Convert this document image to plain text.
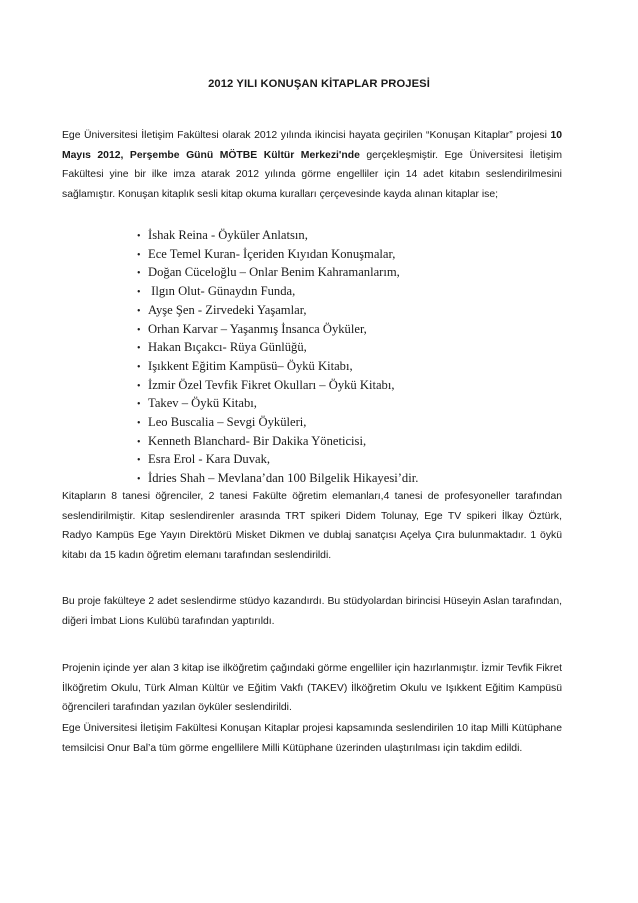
2012 YILI KONUŞAN KİTAPLAR PROJESİ

Ege Üniversitesi İletişim Fakültesi olarak 2012 yılında ikincisi hayata geçirilen “Konuşan Kitaplar” projesi 10 Mayıs 2012, Perşembe Günü MÖTBE Kültür Merkezi'nde gerçekleşmiştir. Ege Üniversitesi İletişim Fakültesi yine bir ilke imza atarak 2012 yılında görme engelliler için 14 adet kitabın seslendirilmesini sağlamıştır. Konuşan kitaplık sesli kitap okuma kuralları çerçevesinde kayda alınan kitaplar ise;

• İshak Reina - Öyküler Anlatsın,
• Ece Temel Kuran- İçeriden Kıyıdan Konuşmalar,
• Doğan Cüceloğlu – Onlar Benim Kahramanlarım,
• Ilgın Olut- Günaydın Funda,
• Ayşe Şen - Zirvedeki Yaşamlar,
• Orhan Karvar – Yaşanmış İnsanca Öyküler,
• Hakan Bıçakcı- Rüya Günlüğü,
• Işıkkent Eğitim Kampüsü– Öykü Kitabı,
• İzmir Özel Tevfik Fikret Okulları – Öykü Kitabı,
• Takev – Öykü Kitabı,
• Leo Buscalia – Sevgi Öyküleri,
• Kenneth Blanchard- Bir Dakika Yöneticisi,
• Esra Erol - Kara Duvak,
• İdries Shah – Mevlana’dan 100 Bilgelik Hikayesi’dir.

Kitapların 8 tanesi öğrenciler, 2 tanesi Fakülte öğretim elemanları,4 tanesi de profesyoneller tarafından seslendirilmiştir. Kitap seslendirenler arasında TRT spikeri Didem Tolunay, Ege TV spikeri İlkay Öztürk, Radyo Kampüs Ege Yayın Direktörü Misket Dikmen ve dublaj sanatçısı Açelya Çıra bulunmaktadır. 1 öykü kitabı da 15 kadın öğretim elemanı tarafından seslendirildi.

Bu proje fakülteye 2 adet seslendirme stüdyo kazandırdı. Bu stüdyolardan birincisi Hüseyin Aslan tarafından, diğeri İmbat Lions Kulübü tarafından yaptırıldı.

Projenin içinde yer alan 3 kitap ise ilköğretim çağındaki görme engelliler için hazırlanmıştır. İzmir Tevfik Fikret İlköğretim Okulu, Türk Alman Kültür ve Eğitim Vakfı (TAKEV) İlköğretim Okulu ve Işıkkent Eğitim Kampüsü öğrencileri tarafından yazılan öyküler seslendirildi.

Ege Üniversitesi İletişim Fakültesi Konuşan Kitaplar projesi kapsamında seslendirilen 10 itap Milli Kütüphane temsilcisi Onur Bal’a tüm görme engellilere Milli Kütüphane üzerinden ulaştırılması için takdim edildi.
